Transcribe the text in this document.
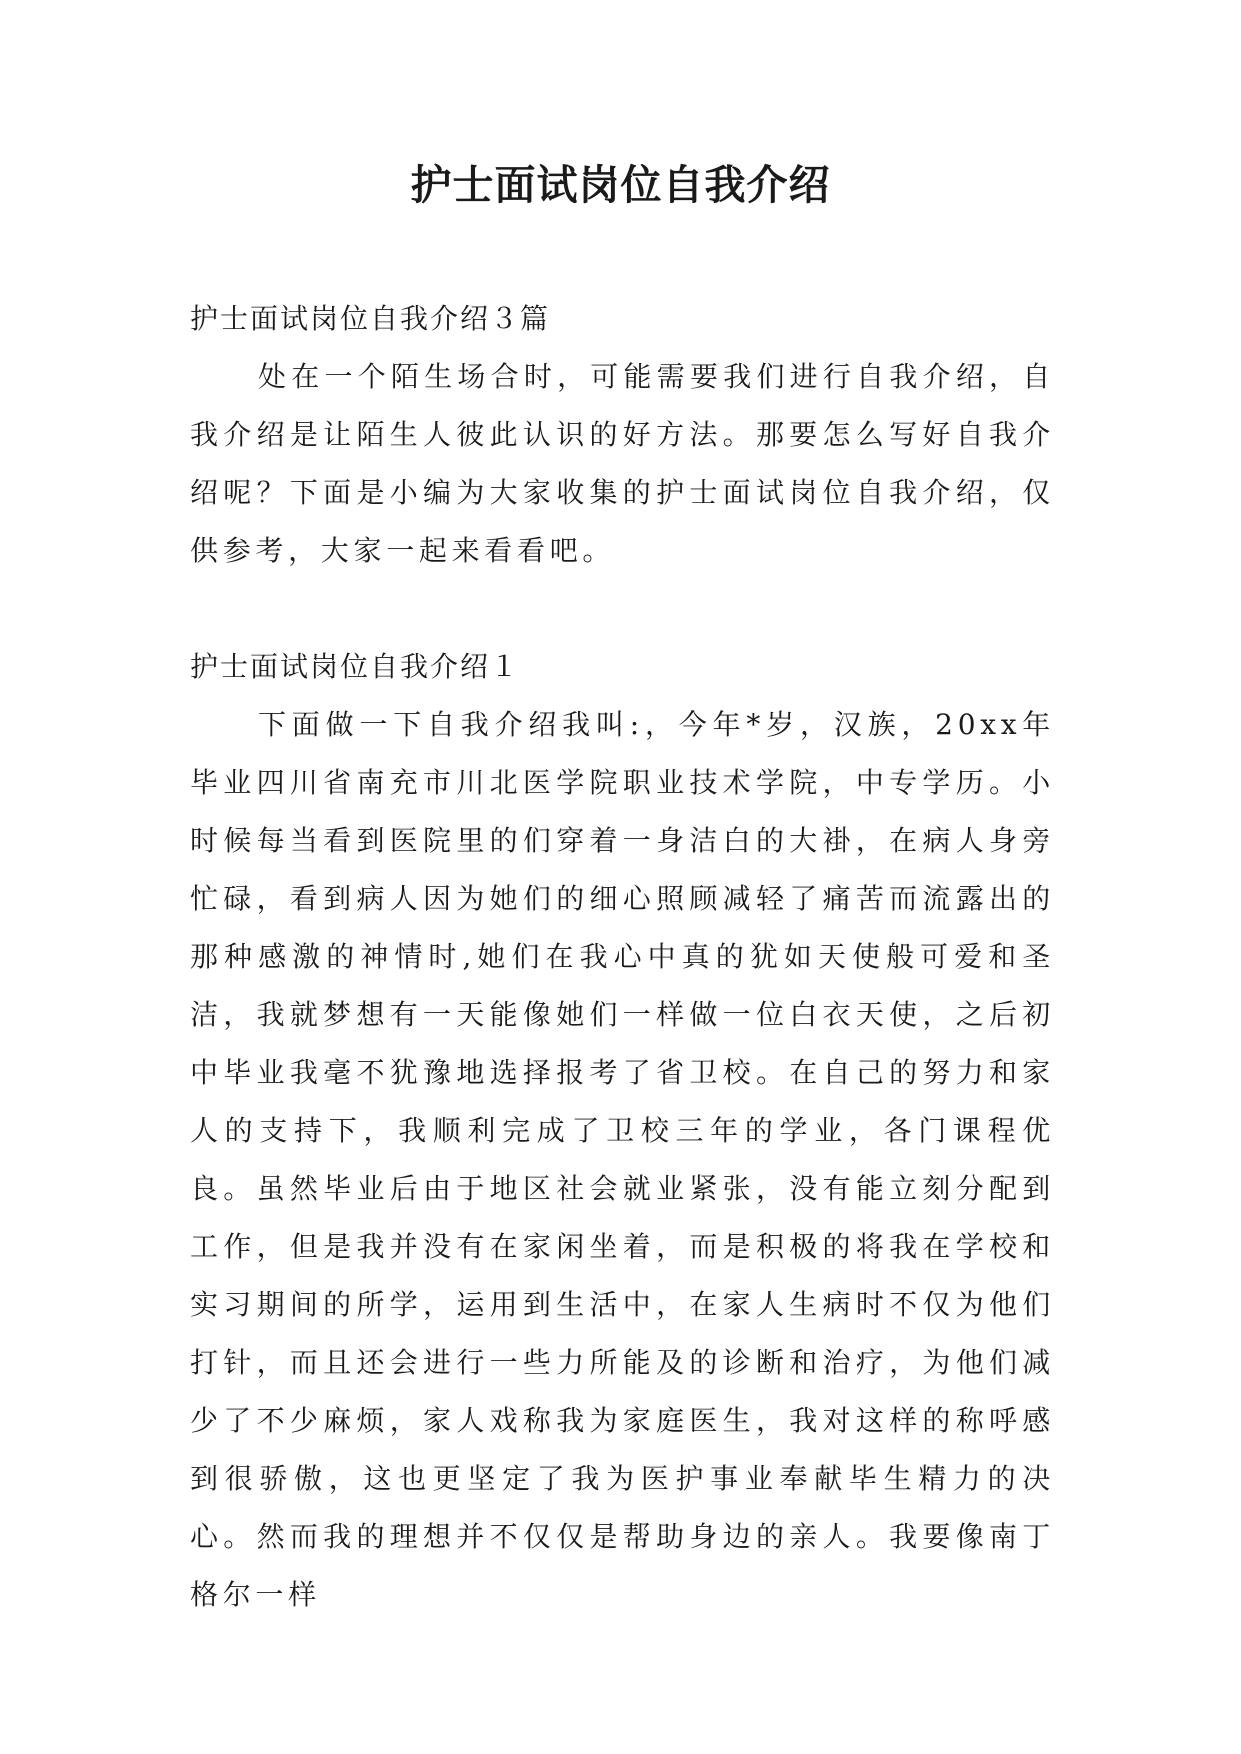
护士面试岗位自我介绍

护士面试岗位自我介绍３篇

处在一个陌生场合时，可能需要我们进行自我介绍，自我介绍是让陌生人彼此认识的好方法。那要怎么写好自我介绍呢？下面是小编为大家收集的护士面试岗位自我介绍，仅供参考，大家一起来看看吧。

护士面试岗位自我介绍１

下面做一下自我介绍我叫:，今年*岁，汉族，20xx年毕业四川省南充市川北医学院职业技术学院，中专学历。小时候每当看到医院里的们穿着一身洁白的大褂，在病人身旁忙碌，看到病人因为她们的细心照顾减轻了痛苦而流露出的那种感激的神情时,她们在我心中真的犹如天使般可爱和圣洁，我就梦想有一天能像她们一样做一位白衣天使，之后初中毕业我毫不犹豫地选择报考了省卫校。在自己的努力和家人的支持下，我顺利完成了卫校三年的学业，各门课程优良。虽然毕业后由于地区社会就业紧张，没有能立刻分配到工作，但是我并没有在家闲坐着，而是积极的将我在学校和实习期间的所学，运用到生活中，在家人生病时不仅为他们打针，而且还会进行一些力所能及的诊断和治疗，为他们减少了不少麻烦，家人戏称我为家庭医生，我对这样的称呼感到很骄傲，这也更坚定了我为医护事业奉献毕生精力的决心。然而我的理想并不仅仅是帮助身边的亲人。我要像南丁格尔一样
